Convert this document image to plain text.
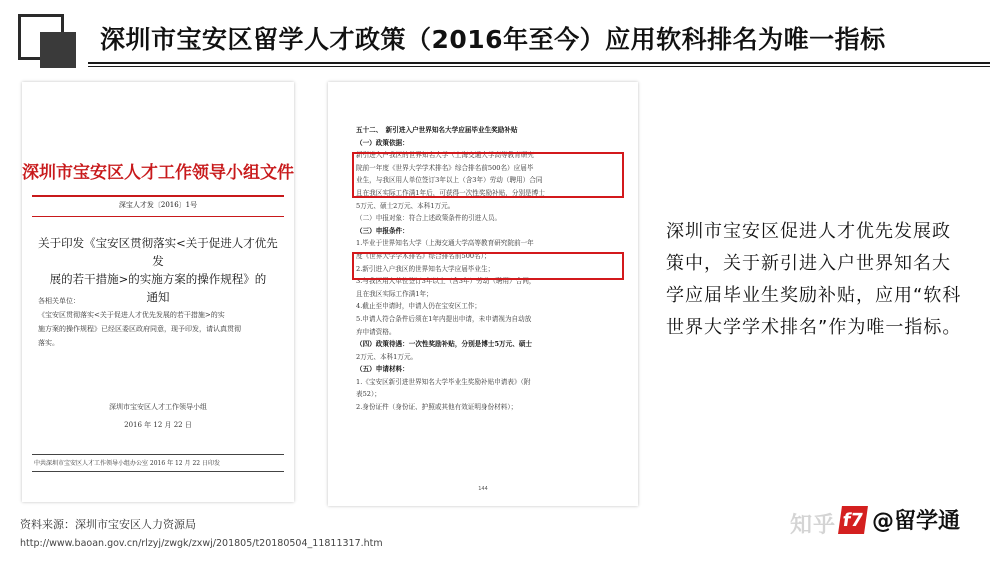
深圳市宝安区留学人才政策（2016年至今）应用软科排名为唯一指标
深圳市宝安区人才工作领导小组文件
深宝人才发〔2016〕1号
关于印发《宝安区贯彻落实<关于促进人才优先发
展的若干措施>的实施方案的操作规程》的
通知
各相关单位：
《宝安区贯彻落实<关于促进人才优先发展的若干措施>的实
施方案的操作规程》已经区委区政府同意，现予印发，请认真贯彻
落实。
深圳市宝安区人才工作领导小组
2016 年 12 月 22 日
中共深圳市宝安区人才工作领导小组办公室 2016 年 12 月 22 日印发

五十二、　新引进入户世界知名大学应届毕业生奖励补贴

（一）政策依据：

新引进入户我区的世界知名大学（上海交通大学高等教育研究

院前一年度《世界大学学术排名》综合排名前500名）应届毕

业生，与我区用人单位签订3年以上（含3年）劳动（聘用）合同

且在我区实际工作满1年后，可获得一次性奖励补贴，分别是博士

5万元、硕士2万元、本科1万元。

（二）申报对象：符合上述政策条件的引进人员。

（三）申报条件：

1.毕业于世界知名大学（上海交通大学高等教育研究院前一年

度《世界大学学术排名》综合排名前500名）；

2.新引进入户我区的世界知名大学应届毕业生；

3.与我区用人单位签订3年以上（含3年）劳动（聘用）合同，

且在我区实际工作满1年；

4.截止至申请时，申请人仍在宝安区工作；

5.申请人符合条件后须在1年内提出申请，未申请视为自动放

弃申请资格。

（四）政策待遇：一次性奖励补贴，分别是博士5万元、硕士

2万元、本科1万元。

（五）申请材料：

1.《宝安区新引进世界知名大学毕业生奖励补贴申请表》（附

表52）；

2.身份证件（身份证、护照或其他有效证明身份材料）；

144
深圳市宝安区促进人才优先发展政策中，关于新引进入户世界知名大学应届毕业生奖励补贴，应用“软科世界大学学术排名”作为唯一指标。
资料来源：深圳市宝安区人力资源局
http://www.baoan.gov.cn/rlzyj/zwgk/zxwj/201805/t20180504_11811317.htm
知乎 f7 @留学通
